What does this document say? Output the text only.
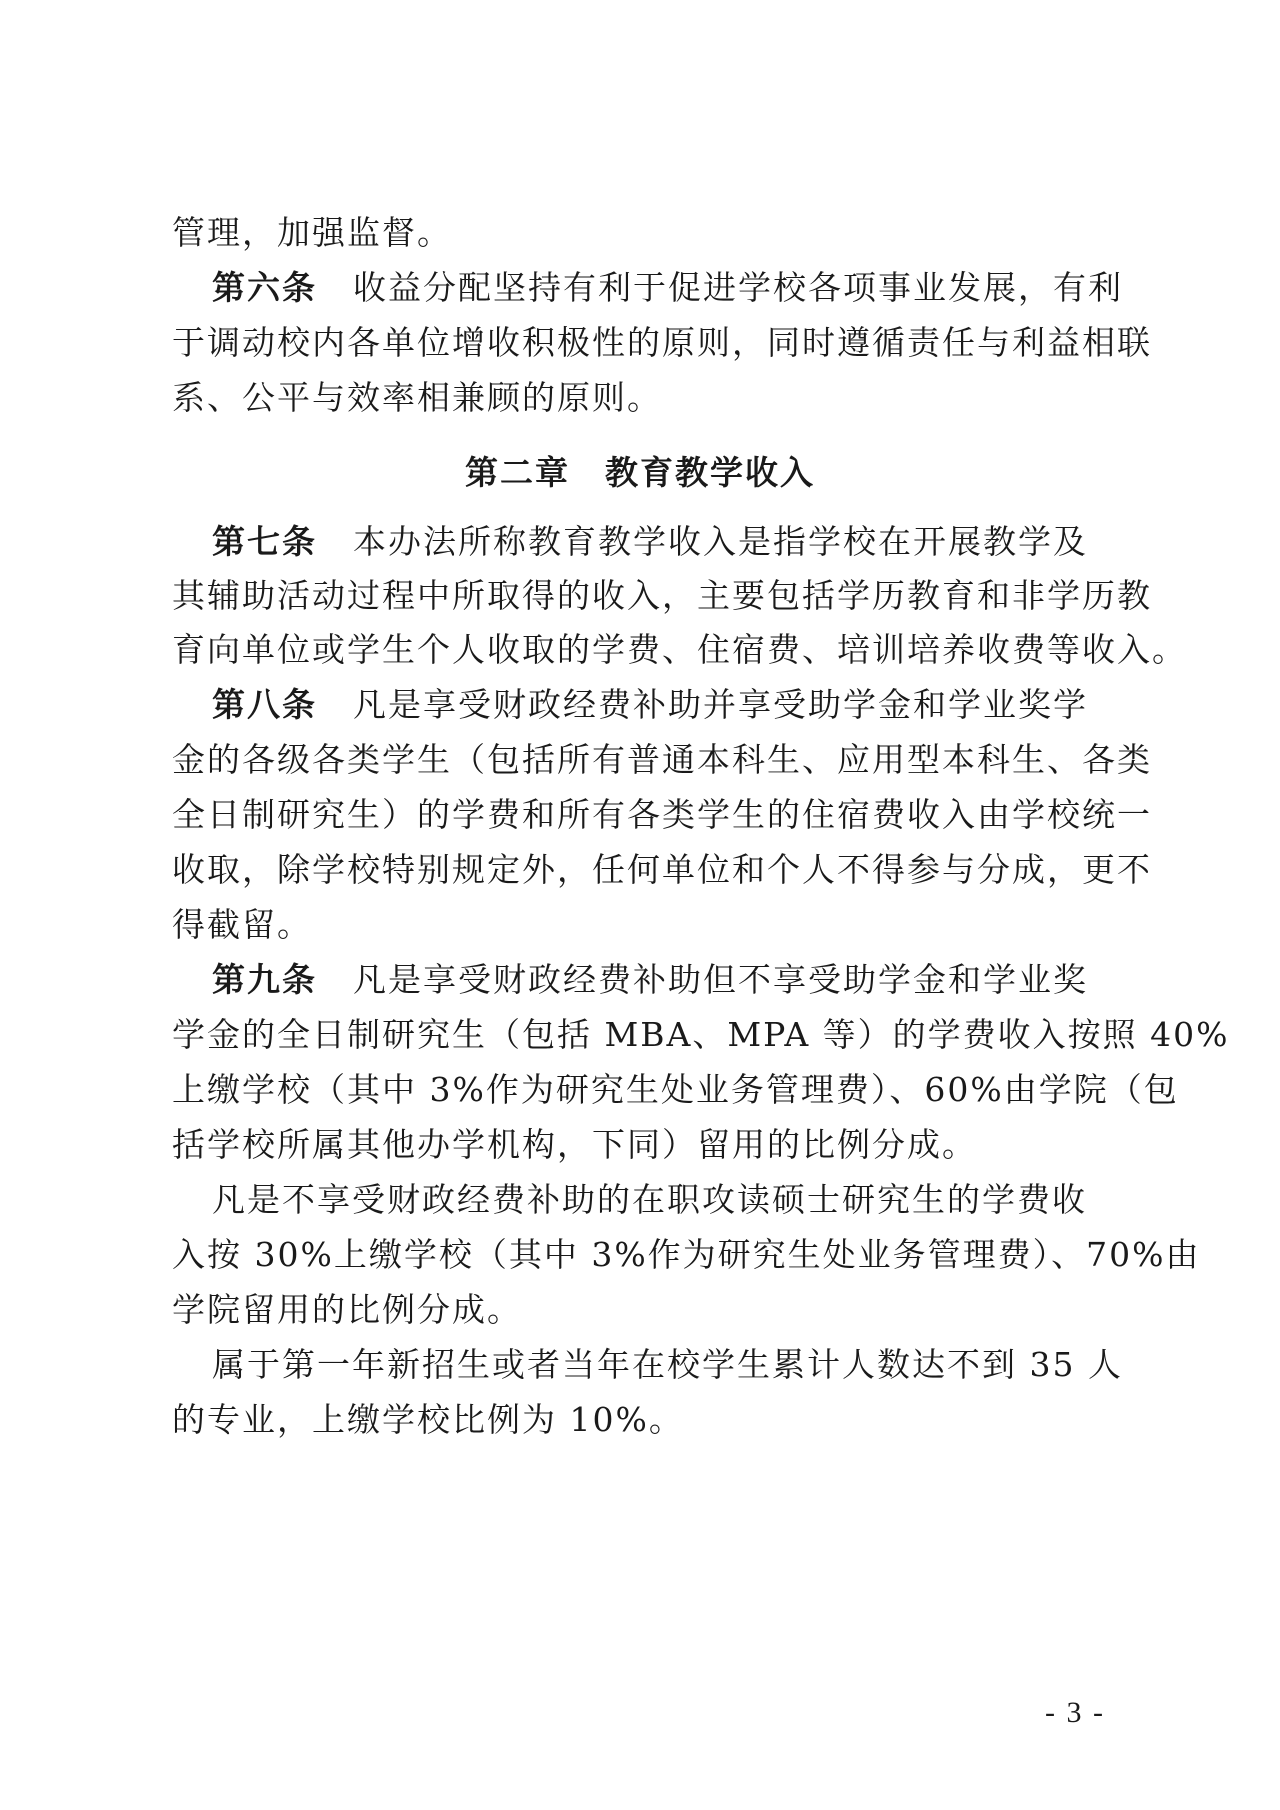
管理，加强监督。
第六条 收益分配坚持有利于促进学校各项事业发展，有利
于调动校内各单位增收积极性的原则，同时遵循责任与利益相联
系、公平与效率相兼顾的原则。
第二章　教育教学收入
第七条 本办法所称教育教学收入是指学校在开展教学及
其辅助活动过程中所取得的收入，主要包括学历教育和非学历教
育向单位或学生个人收取的学费、住宿费、培训培养收费等收入。
第八条 凡是享受财政经费补助并享受助学金和学业奖学
金的各级各类学生（包括所有普通本科生、应用型本科生、各类
全日制研究生）的学费和所有各类学生的住宿费收入由学校统一
收取，除学校特别规定外，任何单位和个人不得参与分成，更不
得截留。
第九条 凡是享受财政经费补助但不享受助学金和学业奖
学金的全日制研究生（包括 MBA、MPA 等）的学费收入按照 40%
上缴学校（其中 3%作为研究生处业务管理费）、60%由学院（包
括学校所属其他办学机构，下同）留用的比例分成。
凡是不享受财政经费补助的在职攻读硕士研究生的学费收
入按 30%上缴学校（其中 3%作为研究生处业务管理费）、70%由
学院留用的比例分成。
属于第一年新招生或者当年在校学生累计人数达不到 35 人
的专业，上缴学校比例为 10%。
- 3 -
